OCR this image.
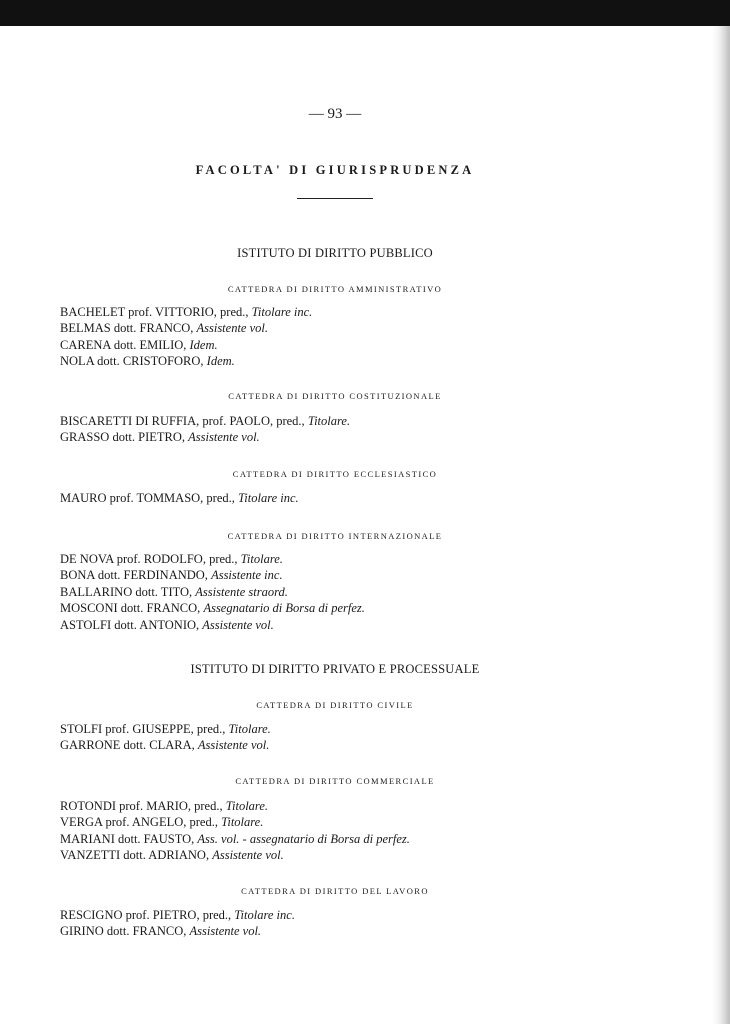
— 93 —
FACOLTA' DI GIURISPRUDENZA
ISTITUTO DI DIRITTO PUBBLICO
CATTEDRA DI DIRITTO AMMINISTRATIVO
BACHELET prof. VITTORIO, pred., Titolare inc.
BELMAS dott. FRANCO, Assistente vol.
CARENA dott. EMILIO, Idem.
NOLA dott. CRISTOFORO, Idem.
CATTEDRA DI DIRITTO COSTITUZIONALE
BISCARETTI DI RUFFIA, prof. PAOLO, pred., Titolare.
GRASSO dott. PIETRO, Assistente vol.
CATTEDRA DI DIRITTO ECCLESIASTICO
MAURO prof. TOMMASO, pred., Titolare inc.
CATTEDRA DI DIRITTO INTERNAZIONALE
DE NOVA prof. RODOLFO, pred., Titolare.
BONA dott. FERDINANDO, Assistente inc.
BALLARINO dott. TITO, Assistente straord.
MOSCONI dott. FRANCO, Assegnatario di Borsa di perfez.
ASTOLFI dott. ANTONIO, Assistente vol.
ISTITUTO DI DIRITTO PRIVATO E PROCESSUALE
CATTEDRA DI DIRITTO CIVILE
STOLFI prof. GIUSEPPE, pred., Titolare.
GARRONE dott. CLARA, Assistente vol.
CATTEDRA DI DIRITTO COMMERCIALE
ROTONDI prof. MARIO, pred., Titolare.
VERGA prof. ANGELO, pred., Titolare.
MARIANI dott. FAUSTO, Ass. vol. - assegnatario di Borsa di perfez.
VANZETTI dott. ADRIANO, Assistente vol.
CATTEDRA DI DIRITTO DEL LAVORO
RESCIGNO prof. PIETRO, pred., Titolare inc.
GIRINO dott. FRANCO, Assistente vol.
